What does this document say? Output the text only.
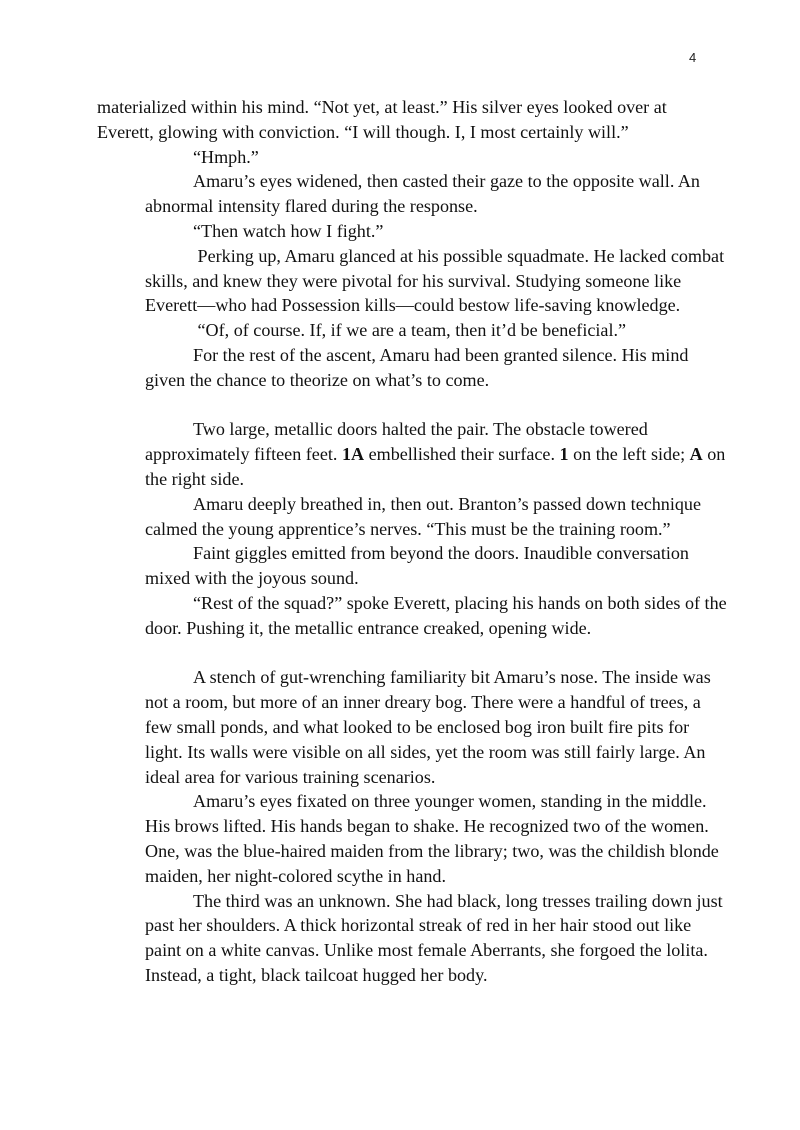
4

materialized within his mind. “Not yet, at least.” His silver eyes looked over at
Everett, glowing with conviction. “I will though. I, I most certainly will.”

“Hmph.”

Amaru’s eyes widened, then casted their gaze to the opposite wall. An
abnormal intensity flared during the response.

“Then watch how I fight.”

Perking up, Amaru glanced at his possible squadmate. He lacked combat
skills, and knew they were pivotal for his survival. Studying someone like
Everett—who had Possession kills—could bestow life-saving knowledge.

“Of, of course. If, if we are a team, then it’d be beneficial.”

For the rest of the ascent, Amaru had been granted silence. His mind
given the chance to theorize on what’s to come.

Two large, metallic doors halted the pair. The obstacle towered
approximately fifteen feet. 1A embellished their surface. 1 on the left side; A on
the right side.

Amaru deeply breathed in, then out. Branton’s passed down technique
calmed the young apprentice’s nerves. “This must be the training room.”

Faint giggles emitted from beyond the doors. Inaudible conversation
mixed with the joyous sound.

“Rest of the squad?” spoke Everett, placing his hands on both sides of the
door. Pushing it, the metallic entrance creaked, opening wide.

A stench of gut-wrenching familiarity bit Amaru’s nose. The inside was
not a room, but more of an inner dreary bog. There were a handful of trees, a
few small ponds, and what looked to be enclosed bog iron built fire pits for
light. Its walls were visible on all sides, yet the room was still fairly large. An
ideal area for various training scenarios.

Amaru’s eyes fixated on three younger women, standing in the middle.
His brows lifted. His hands began to shake. He recognized two of the women.
One, was the blue-haired maiden from the library; two, was the childish blonde
maiden, her night-colored scythe in hand.

The third was an unknown. She had black, long tresses trailing down just
past her shoulders. A thick horizontal streak of red in her hair stood out like
paint on a white canvas. Unlike most female Aberrants, she forgoed the lolita.
Instead, a tight, black tailcoat hugged her body.
